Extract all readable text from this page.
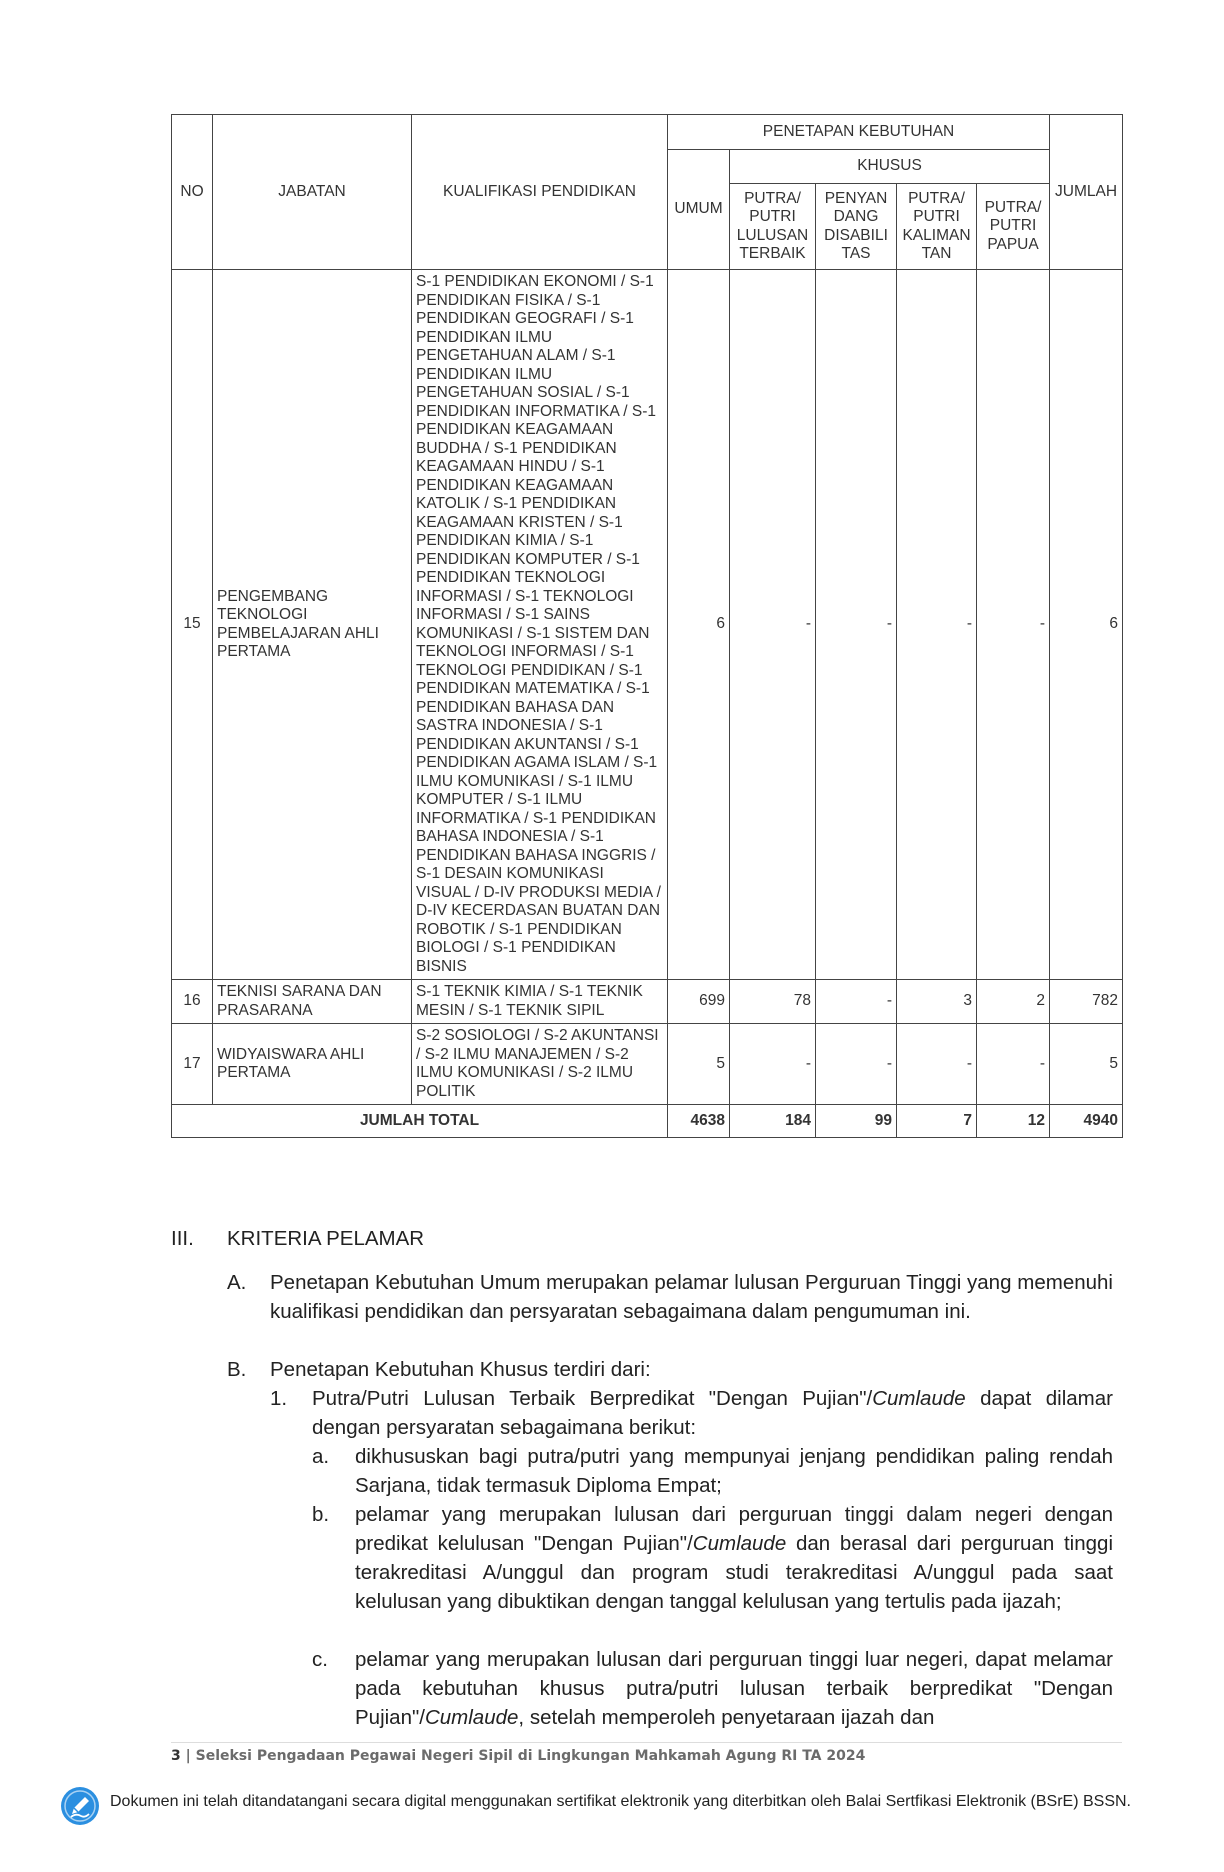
NO	JABATAN	KUALIFIKASI PENDIDIKAN	PENETAPAN KEBUTUHAN					JUMLAH
			UMUM	KHUSUS				
				PUTRA/ PUTRI LULUSAN TERBAIK	PENYAN DANG DISABILI TAS	PUTRA/ PUTRI KALIMAN TAN	PUTRA/ PUTRI PAPUA	
15	PENGEMBANG TEKNOLOGI PEMBELAJARAN AHLI PERTAMA	S-1 PENDIDIKAN EKONOMI / S-1 PENDIDIKAN FISIKA / S-1 PENDIDIKAN GEOGRAFI / S-1 PENDIDIKAN ILMU PENGETAHUAN ALAM / S-1 PENDIDIKAN ILMU PENGETAHUAN SOSIAL / S-1 PENDIDIKAN INFORMATIKA / S-1 PENDIDIKAN KEAGAMAAN BUDDHA / S-1 PENDIDIKAN KEAGAMAAN HINDU / S-1 PENDIDIKAN KEAGAMAAN KATOLIK / S-1 PENDIDIKAN KEAGAMAAN KRISTEN / S-1 PENDIDIKAN KIMIA / S-1 PENDIDIKAN KOMPUTER / S-1 PENDIDIKAN TEKNOLOGI INFORMASI / S-1 TEKNOLOGI INFORMASI / S-1 SAINS KOMUNIKASI / S-1 SISTEM DAN TEKNOLOGI INFORMASI / S-1 TEKNOLOGI PENDIDIKAN / S-1 PENDIDIKAN MATEMATIKA / S-1 PENDIDIKAN BAHASA DAN SASTRA INDONESIA / S-1 PENDIDIKAN AKUNTANSI / S-1 PENDIDIKAN AGAMA ISLAM / S-1 ILMU KOMUNIKASI / S-1 ILMU KOMPUTER / S-1 ILMU INFORMATIKA / S-1 PENDIDIKAN BAHASA INDONESIA / S-1 PENDIDIKAN BAHASA INGGRIS / S-1 DESAIN KOMUNIKASI VISUAL / D-IV PRODUKSI MEDIA / D-IV KECERDASAN BUATAN DAN ROBOTIK / S-1 PENDIDIKAN BIOLOGI / S-1 PENDIDIKAN BISNIS	6	-	-	-	-	6
16	TEKNISI SARANA DAN PRASARANA	S-1 TEKNIK KIMIA / S-1 TEKNIK MESIN / S-1 TEKNIK SIPIL	699	78	-	3	2	782
17	WIDYAISWARA AHLI PERTAMA	S-2 SOSIOLOGI / S-2 AKUNTANSI / S-2 ILMU MANAJEMEN / S-2 ILMU KOMUNIKASI / S-2 ILMU POLITIK	5	-	-	-	-	5
JUMLAH TOTAL			4638	184	99	7	12	4940
III. KRITERIA PELAMAR
A. Penetapan Kebutuhan Umum merupakan pelamar lulusan Perguruan Tinggi yang memenuhi kualifikasi pendidikan dan persyaratan sebagaimana dalam pengumuman ini.
B. Penetapan Kebutuhan Khusus terdiri dari:
1. Putra/Putri Lulusan Terbaik Berpredikat "Dengan Pujian"/Cumlaude dapat dilamar dengan persyaratan sebagaimana berikut:
a. dikhususkan bagi putra/putri yang mempunyai jenjang pendidikan paling rendah Sarjana, tidak termasuk Diploma Empat;
b. pelamar yang merupakan lulusan dari perguruan tinggi dalam negeri dengan predikat kelulusan "Dengan Pujian"/Cumlaude dan berasal dari perguruan tinggi terakreditasi A/unggul dan program studi terakreditasi A/unggul pada saat kelulusan yang dibuktikan dengan tanggal kelulusan yang tertulis pada ijazah;
c. pelamar yang merupakan lulusan dari perguruan tinggi luar negeri, dapat melamar pada kebutuhan khusus putra/putri lulusan terbaik berpredikat "Dengan Pujian"/Cumlaude, setelah memperoleh penyetaraan ijazah dan
3 | Seleksi Pengadaan Pegawai Negeri Sipil di Lingkungan Mahkamah Agung RI TA 2024
Dokumen ini telah ditandatangani secara digital menggunakan sertifikat elektronik yang diterbitkan oleh Balai Sertfikasi Elektronik (BSrE) BSSN.
